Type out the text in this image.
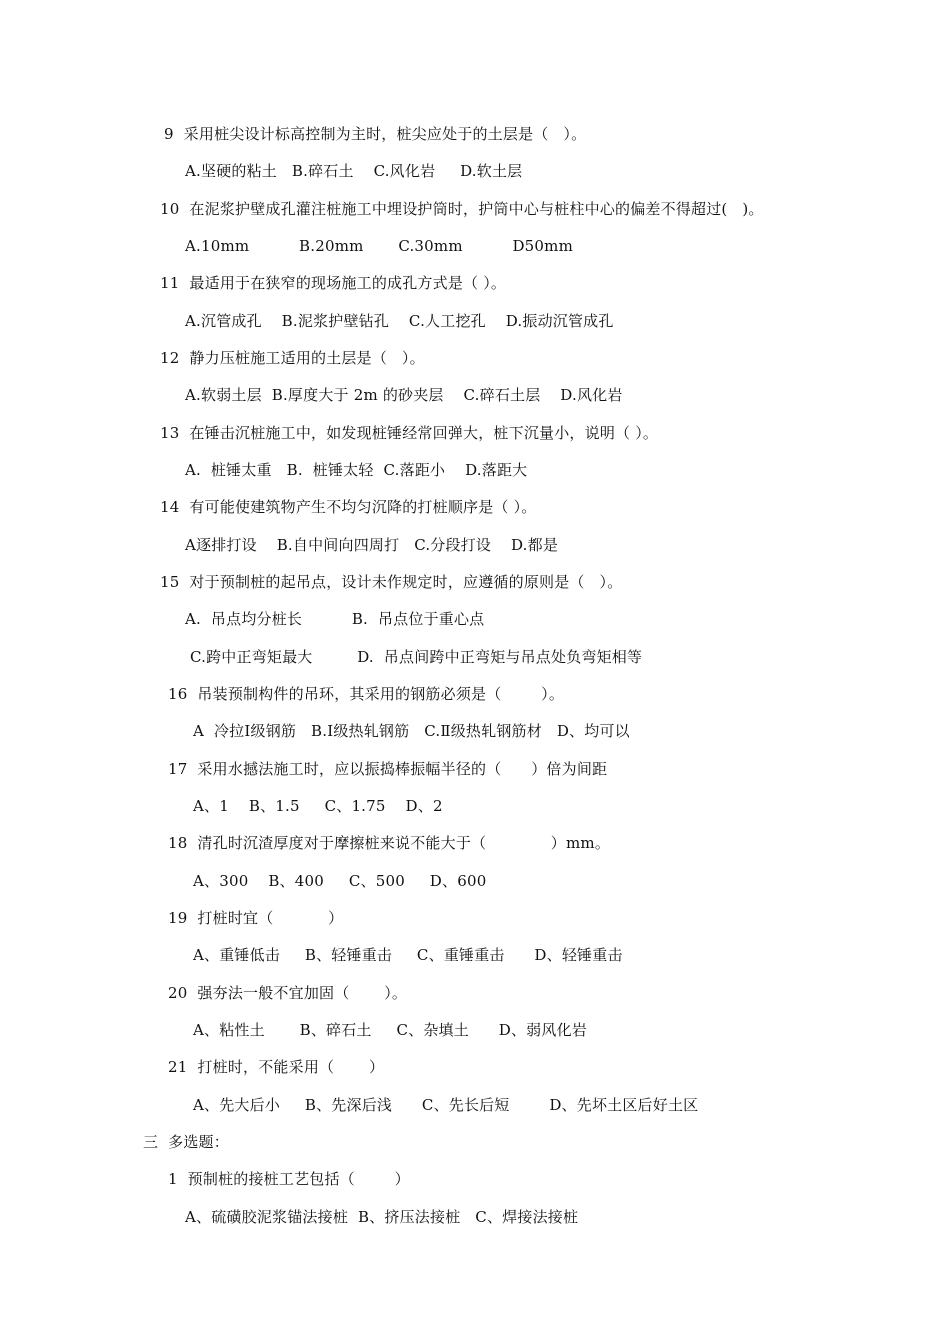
9  采用桩尖设计标高控制为主时，桩尖应处于的土层是（   ）。
A.坚硬的粘土   B.碎石土    C.风化岩     D.软土层
10  在泥浆护壁成孔灌注桩施工中埋设护筒时，护筒中心与桩柱中心的偏差不得超过(   )。
A.10mm          B.20mm       C.30mm          D50mm
11  最适用于在狭窄的现场施工的成孔方式是（ ）。
A.沉管成孔    B.泥浆护壁钻孔    C.人工挖孔    D.振动沉管成孔
12  静力压桩施工适用的土层是（   ）。
A.软弱土层  B.厚度大于 2m 的砂夹层    C.碎石土层    D.风化岩
13  在锤击沉桩施工中，如发现桩锤经常回弹大，桩下沉量小，说明（ ）。
A.  桩锤太重   B.  桩锤太轻  C.落距小    D.落距大
14  有可能使建筑物产生不均匀沉降的打桩顺序是（ ）。
A逐排打设    B.自中间向四周打   C.分段打设    D.都是
15  对于预制桩的起吊点，设计未作规定时，应遵循的原则是（   ）。
A.  吊点均分桩长          B.  吊点位于重心点
C.跨中正弯矩最大         D.  吊点间跨中正弯矩与吊点处负弯矩相等
16  吊装预制构件的吊环，其采用的钢筋必须是（        ）。
A  冷拉Ⅰ级钢筋   B.Ⅰ级热轧钢筋   C.Ⅱ级热轧钢筋材   D、均可以
17  采用水撼法施工时，应以振捣棒振幅半径的（      ）倍为间距
A、1    B、1.5     C、1.75    D、2
18  清孔时沉渣厚度对于摩擦桩来说不能大于（             ）mm。
A、300    B、400     C、500     D、600
19  打桩时宜（           ）
A、重锤低击     B、轻锤重击     C、重锤重击      D、轻锤重击
20  强夯法一般不宜加固（       ）。
A、粘性土       B、碎石土     C、杂填土      D、弱风化岩
21  打桩时，不能采用（       ）
A、先大后小     B、先深后浅      C、先长后短        D、先坏土区后好土区
三  多选题：
1  预制桩的接桩工艺包括（        ）
A、硫磺胶泥浆锚法接桩  B、挤压法接桩   C、焊接法接桩
